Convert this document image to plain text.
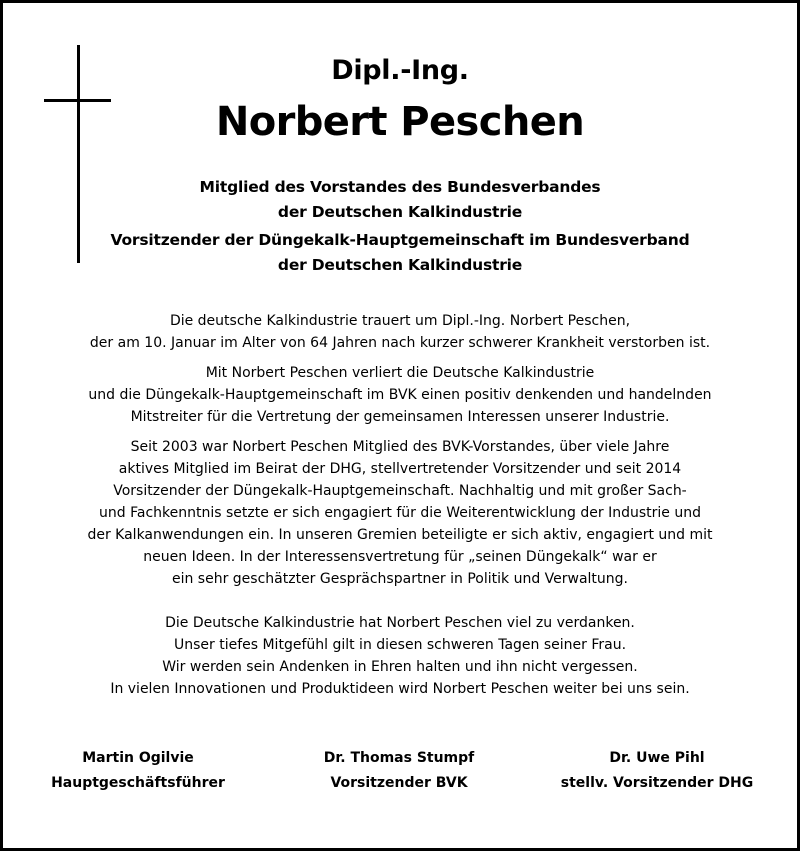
Dipl.-Ing.
Norbert Peschen
Mitglied des Vorstandes des Bundesverbandes
der Deutschen Kalkindustrie
Vorsitzender der Düngekalk-Hauptgemeinschaft im Bundesverband
der Deutschen Kalkindustrie
Die deutsche Kalkindustrie trauert um Dipl.-Ing. Norbert Peschen,
der am 10. Januar im Alter von 64 Jahren nach kurzer schwerer Krankheit verstorben ist.
Mit Norbert Peschen verliert die Deutsche Kalkindustrie
und die Düngekalk-Hauptgemeinschaft im BVK einen positiv denkenden und handelnden
Mitstreiter für die Vertretung der gemeinsamen Interessen unserer Industrie.
Seit 2003 war Norbert Peschen Mitglied des BVK-Vorstandes, über viele Jahre
aktives Mitglied im Beirat der DHG, stellvertretender Vorsitzender und seit 2014
Vorsitzender der Düngekalk-Hauptgemeinschaft. Nachhaltig und mit großer Sach-
und Fachkenntnis setzte er sich engagiert für die Weiterentwicklung der Industrie und
der Kalkanwendungen ein. In unseren Gremien beteiligte er sich aktiv, engagiert und mit
neuen Ideen. In der Interessensvertretung für „seinen Düngekalk“ war er
ein sehr geschätzter Gesprächspartner in Politik und Verwaltung.
Die Deutsche Kalkindustrie hat Norbert Peschen viel zu verdanken.
Unser tiefes Mitgefühl gilt in diesen schweren Tagen seiner Frau.
Wir werden sein Andenken in Ehren halten und ihn nicht vergessen.
In vielen Innovationen und Produktideen wird Norbert Peschen weiter bei uns sein.
Martin Ogilvie
Hauptgeschäftsführer
Dr. Thomas Stumpf
Vorsitzender BVK
Dr. Uwe Pihl
stellv. Vorsitzender DHG
